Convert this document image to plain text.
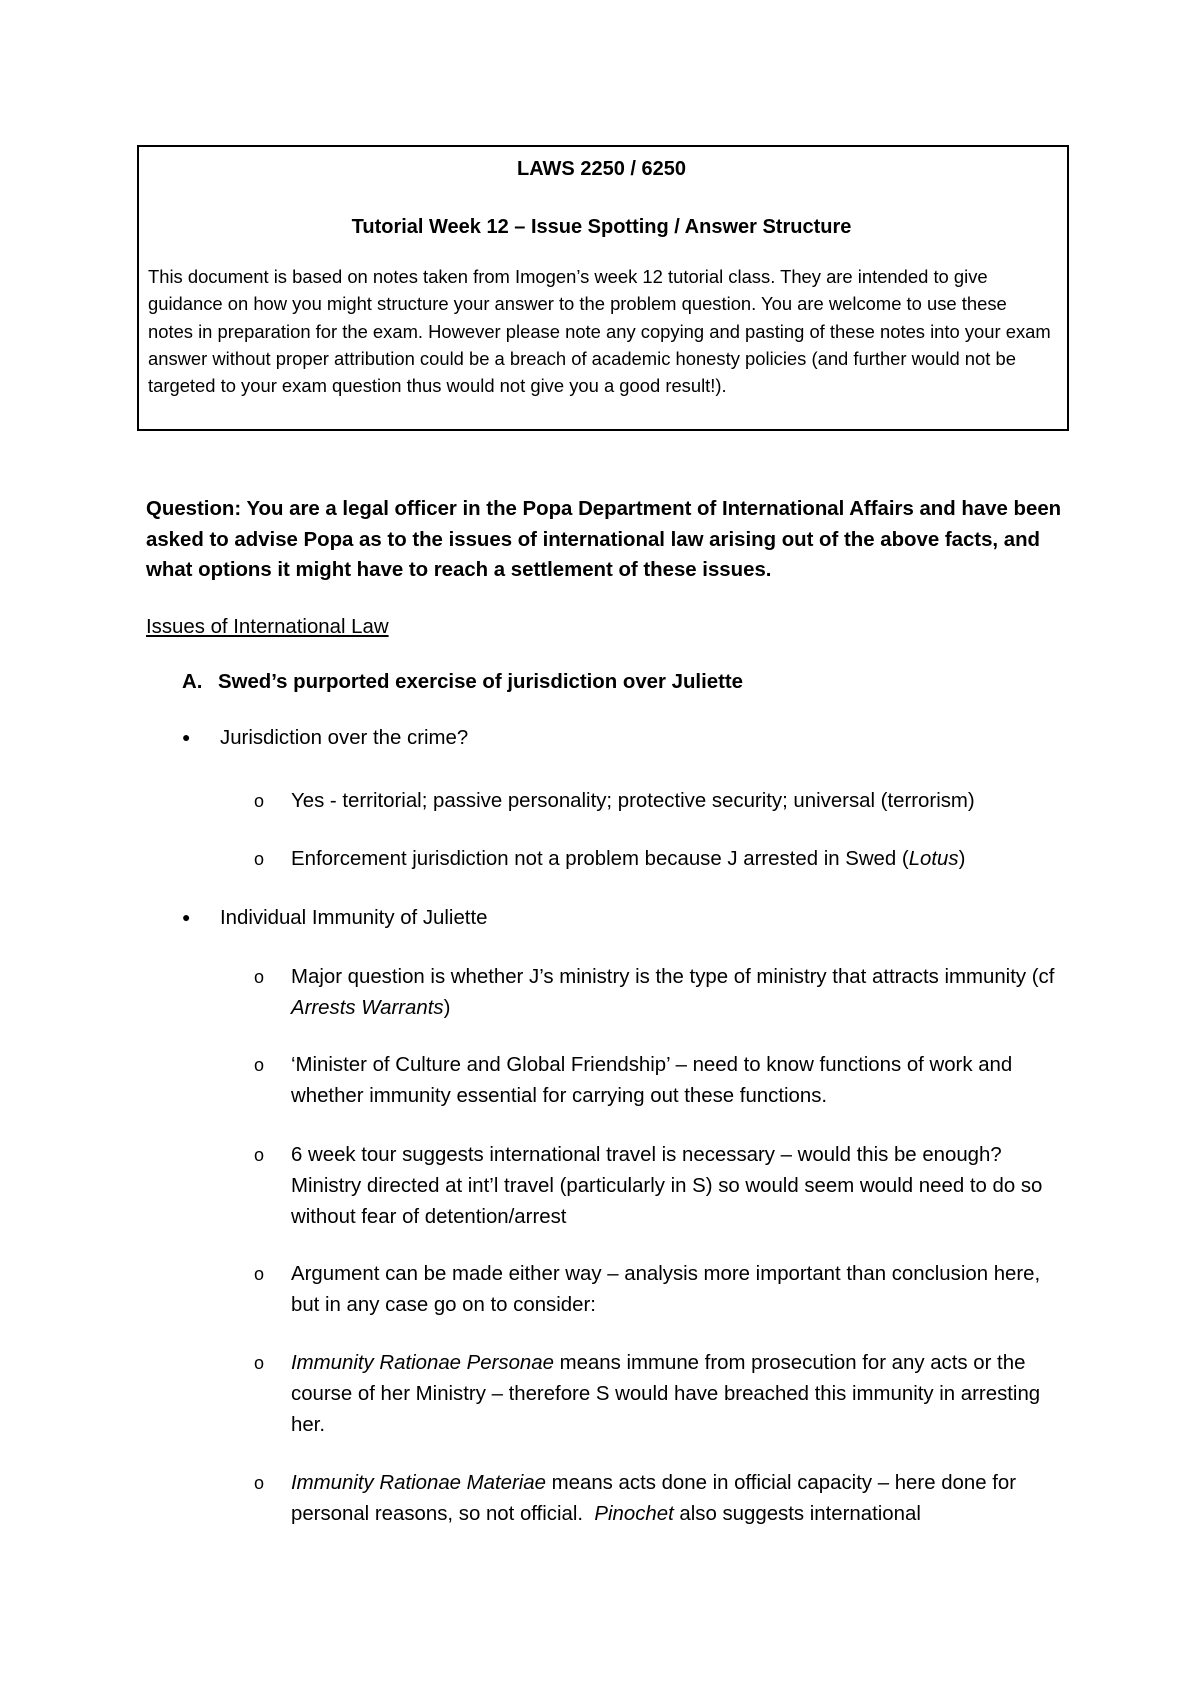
LAWS 2250 / 6250
Tutorial Week 12 – Issue Spotting / Answer Structure
This document is based on notes taken from Imogen’s week 12 tutorial class. They are intended to give guidance on how you might structure your answer to the problem question. You are welcome to use these notes in preparation for the exam. However please note any copying and pasting of these notes into your exam answer without proper attribution could be a breach of academic honesty policies (and further would not be targeted to your exam question thus would not give you a good result!).
Question: You are a legal officer in the Popa Department of International Affairs and have been asked to advise Popa as to the issues of international law arising out of the above facts, and what options it might have to reach a settlement of these issues.
Issues of International Law
A. Swed’s purported exercise of jurisdiction over Juliette
● Jurisdiction over the crime?
o Yes - territorial; passive personality; protective security; universal (terrorism)
o Enforcement jurisdiction not a problem because J arrested in Swed (Lotus)
● Individual Immunity of Juliette
o Major question is whether J’s ministry is the type of ministry that attracts immunity (cf Arrests Warrants)
o ‘Minister of Culture and Global Friendship’ – need to know functions of work and whether immunity essential for carrying out these functions.
o 6 week tour suggests international travel is necessary – would this be enough? Ministry directed at int’l travel (particularly in S) so would seem would need to do so without fear of detention/arrest
o Argument can be made either way – analysis more important than conclusion here, but in any case go on to consider:
o Immunity Rationae Personae means immune from prosecution for any acts or the course of her Ministry – therefore S would have breached this immunity in arresting her.
o Immunity Rationae Materiae means acts done in official capacity – here done for personal reasons, so not official.  Pinochet also suggests international
